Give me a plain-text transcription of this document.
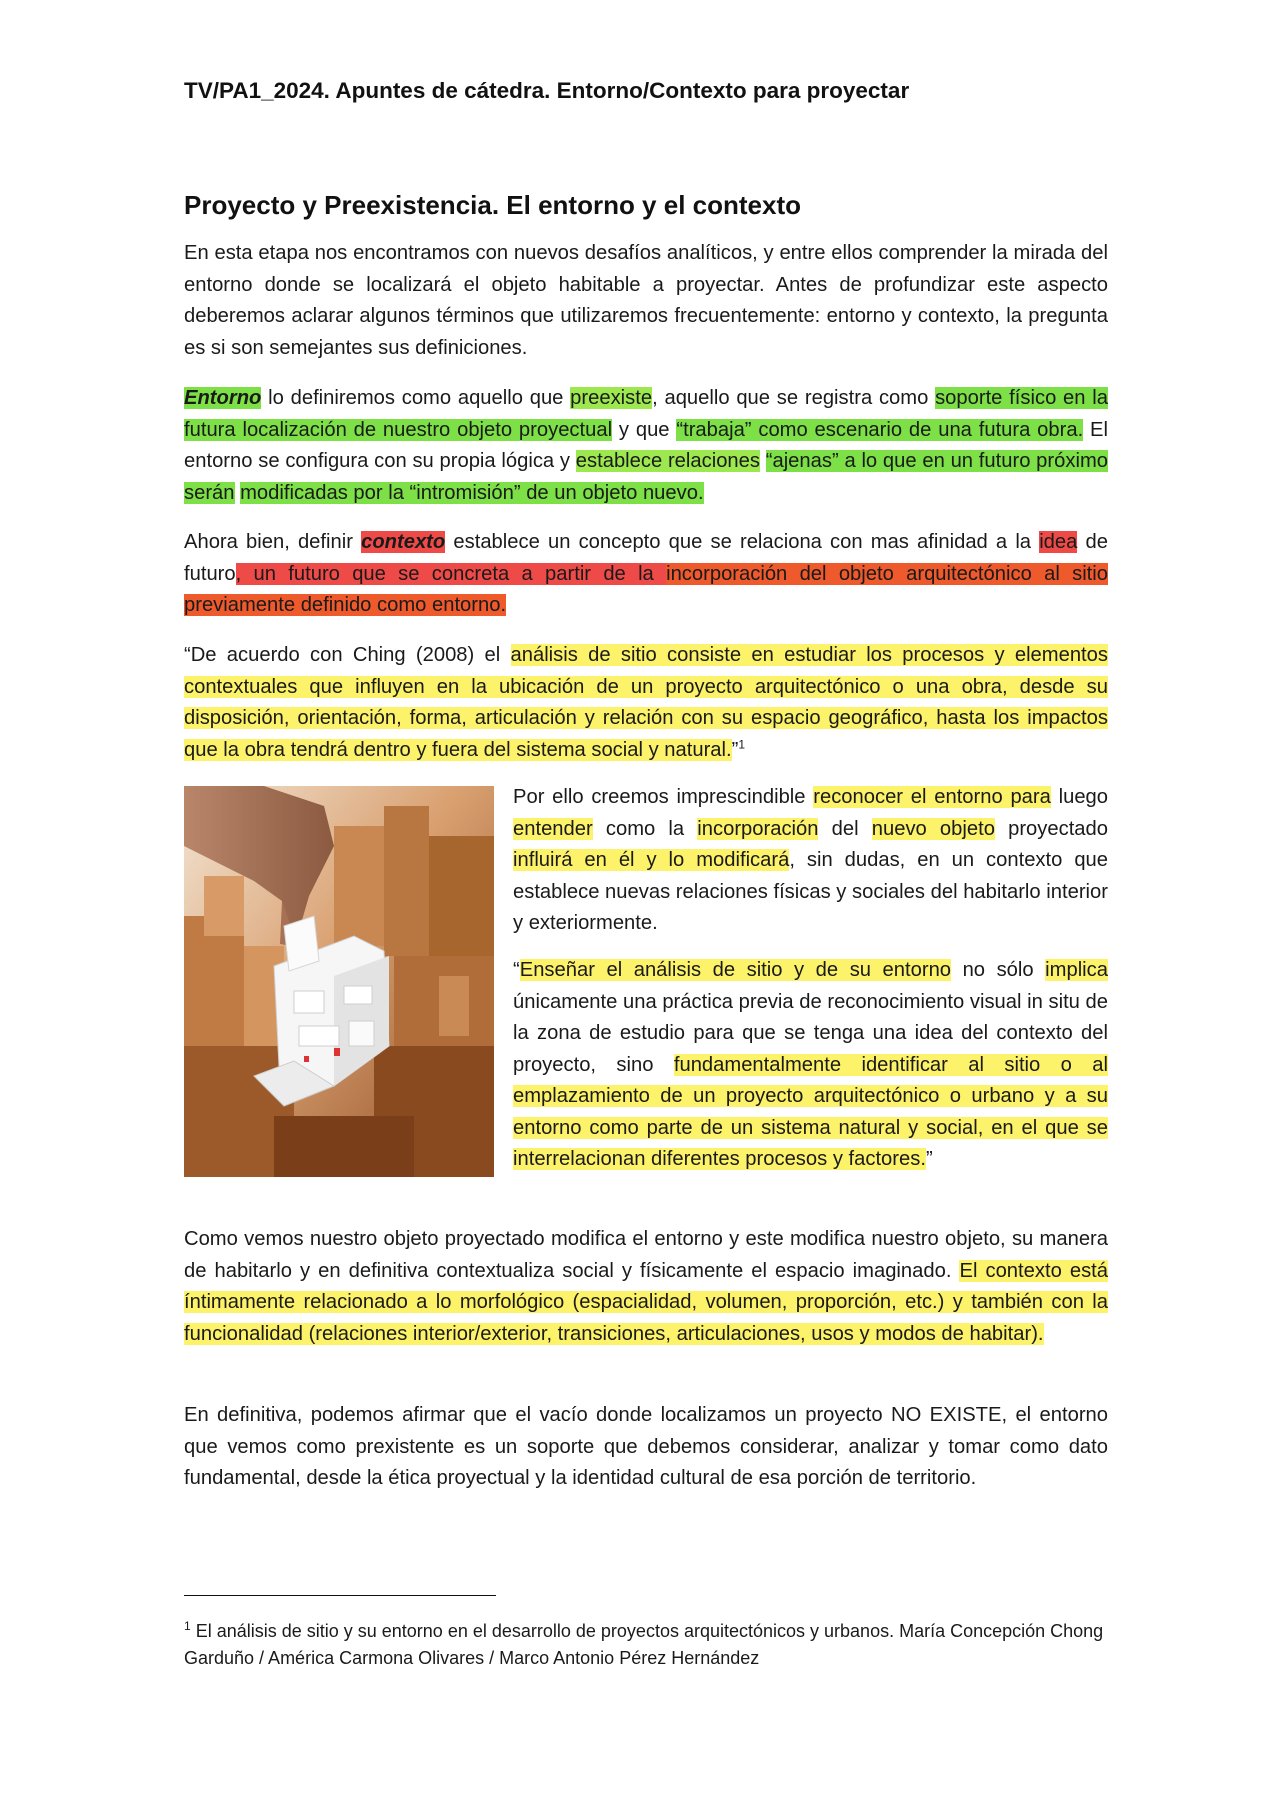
TV/PA1_2024. Apuntes de cátedra. Entorno/Contexto para proyectar
Proyecto y Preexistencia. El entorno y el contexto
En esta etapa nos encontramos con nuevos desafíos analíticos, y entre ellos comprender la mirada del entorno donde se localizará el objeto habitable a proyectar. Antes de profundizar este aspecto deberemos aclarar algunos términos que utilizaremos frecuentemente: entorno y contexto, la pregunta es si son semejantes sus definiciones.
Entorno lo definiremos como aquello que preexiste, aquello que se registra como soporte físico en la futura localización de nuestro objeto proyectual y que “trabaja” como escenario de una futura obra. El entorno se configura con su propia lógica y establece relaciones “ajenas” a lo que en un futuro próximo serán modificadas por la “intromisión” de un objeto nuevo.
Ahora bien, definir contexto establece un concepto que se relaciona con mas afinidad a la idea de futuro, un futuro que se concreta a partir de la incorporación del objeto arquitectónico al sitio previamente definido como entorno.
“De acuerdo con Ching (2008) el análisis de sitio consiste en estudiar los procesos y elementos contextuales que influyen en la ubicación de un proyecto arquitectónico o una obra, desde su disposición, orientación, forma, articulación y relación con su espacio geográfico, hasta los impactos que la obra tendrá dentro y fuera del sistema social y natural.”$^1$
Por ello creemos imprescindible reconocer el entorno para luego entender como la incorporación del nuevo objeto proyectado influirá en él y lo modificará, sin dudas, en un contexto que establece nuevas relaciones físicas y sociales del habitarlo interior y exteriormente.
“Enseñar el análisis de sitio y de su entorno no sólo implica únicamente una práctica previa de reconocimiento visual in situ de la zona de estudio para que se tenga una idea del contexto del proyecto, sino fundamentalmente identificar al sitio o al emplazamiento de un proyecto arquitectónico o urbano y a su entorno como parte de un sistema natural y social, en el que se interrelacionan diferentes procesos y factores.”
Como vemos nuestro objeto proyectado modifica el entorno y este modifica nuestro objeto, su manera de habitarlo y en definitiva contextualiza social y físicamente el espacio imaginado. El contexto está íntimamente relacionado a lo morfológico (espacialidad, volumen, proporción, etc.) y también con la funcionalidad (relaciones interior/exterior, transiciones, articulaciones, usos y modos de habitar).
En definitiva, podemos afirmar que el vacío donde localizamos un proyecto NO EXISTE, el entorno que vemos como prexistente es un soporte que debemos considerar, analizar y tomar como dato fundamental, desde la ética proyectual y la identidad cultural de esa porción de territorio.
$^1$ El análisis de sitio y su entorno en el desarrollo de proyectos arquitectónicos y urbanos. María Concepción Chong Garduño / América Carmona Olivares / Marco Antonio Pérez Hernández
